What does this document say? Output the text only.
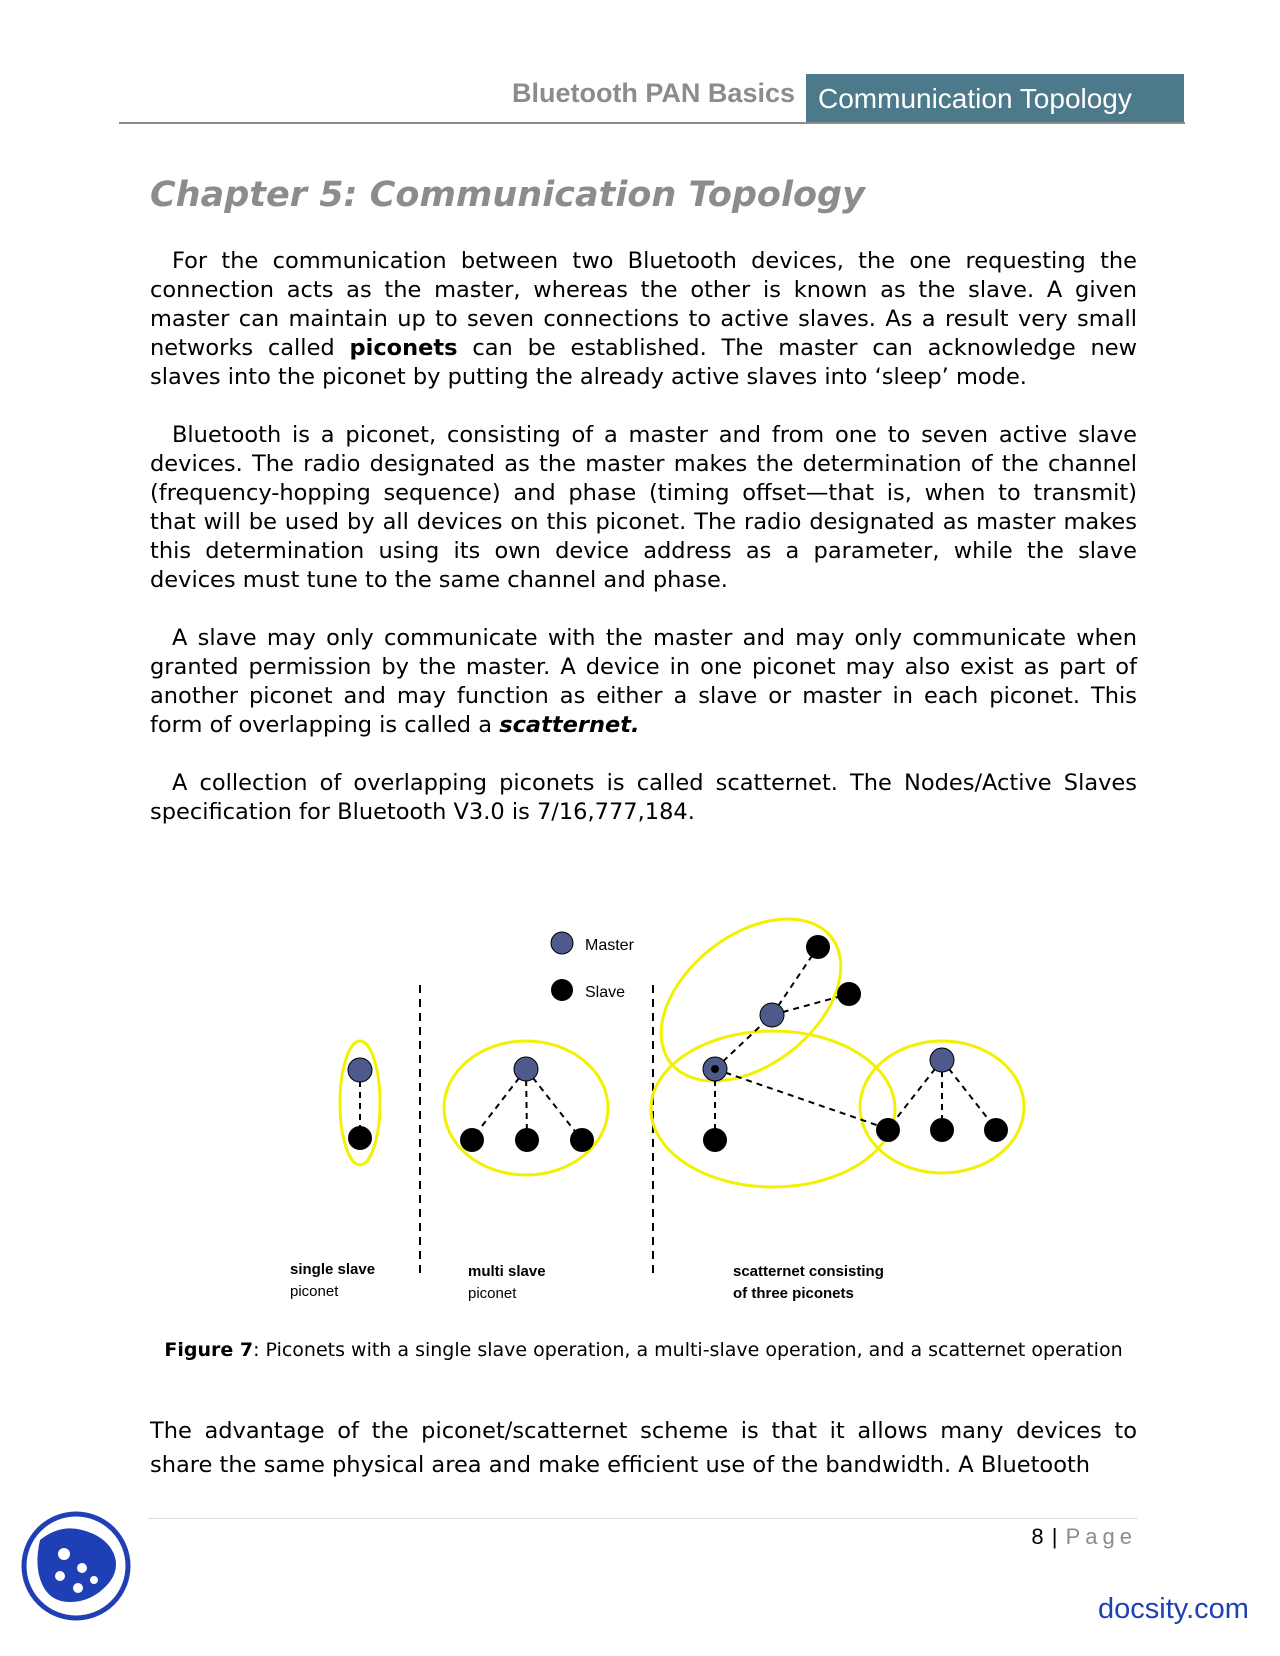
Bluetooth PAN Basics Communication Topology
Chapter 5: Communication Topology

For the communication between two Bluetooth devices, the one requesting the connection acts as the master, whereas the other is known as the slave. A given master can maintain up to seven connections to active slaves. As a result very small networks called piconets can be established. The master can acknowledge new slaves into the piconet by putting the already active slaves into ‘sleep’ mode.

Bluetooth is a piconet, consisting of a master and from one to seven active slave devices. The radio designated as the master makes the determination of the channel (frequency-hopping sequence) and phase (timing offset—that is, when to transmit) that will be used by all devices on this piconet. The radio designated as master makes this determination using its own device address as a parameter, while the slave devices must tune to the same channel and phase.

A slave may only communicate with the master and may only communicate when granted permission by the master. A device in one piconet may also exist as part of another piconet and may function as either a slave or master in each piconet. This form of overlapping is called a scatternet.

A collection of overlapping piconets is called scatternet. The Nodes/Active Slaves specification for Bluetooth V3.0 is 7/16,777,184.

Master
Slave
single slave
piconet
multi slave
piconet
scatternet consisting
of three piconets
Figure 7: Piconets with a single slave operation, a multi-slave operation, and a scatternet operation

The advantage of the piconet/scatternet scheme is that it allows many devices to share the same physical area and make efficient use of the bandwidth. A Bluetooth

8 | Page
docsity.com
